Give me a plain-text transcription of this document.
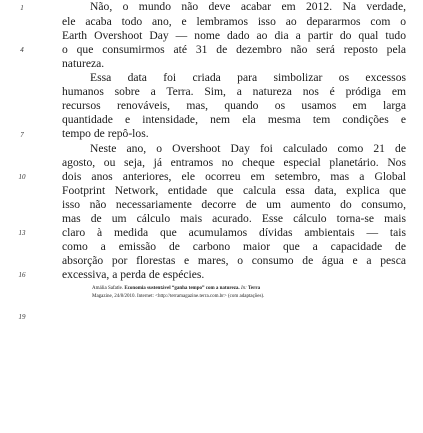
1
4
7
10
13
16
19
Não, o mundo não deve acabar em 2012. Na verdade,
ele acaba todo ano, e lembramos isso ao depararmos com o
Earth Overshoot Day — nome dado ao dia a partir do qual tudo
o que consumirmos até 31 de dezembro não será reposto pela
natureza.
Essa data foi criada para simbolizar os excessos
humanos sobre a Terra. Sim, a natureza nos é pródiga em
recursos renováveis, mas, quando os usamos em larga
quantidade e intensidade, nem ela mesma tem condições e
tempo de repô-los.
Neste ano, o Overshoot Day foi calculado como 21 de
agosto, ou seja, já entramos no cheque especial planetário. Nos
dois anos anteriores, ele ocorreu em setembro, mas a Global
Footprint Network, entidade que calcula essa data, explica que
isso não necessariamente decorre de um aumento do consumo,
mas de um cálculo mais acurado. Esse cálculo torna-se mais
claro à medida que acumulamos dívidas ambientais — tais
como a emissão de carbono maior que a capacidade de
absorção por florestas e mares, o consumo de água e a pesca
excessiva, a perda de espécies.
Amália Safatle. Economia sustentável “ganha tempo” com a natureza. In: Terra
Magazine, 24/8/2010. Internet: <http://terramagazine.terra.com.br> (com adaptações).
